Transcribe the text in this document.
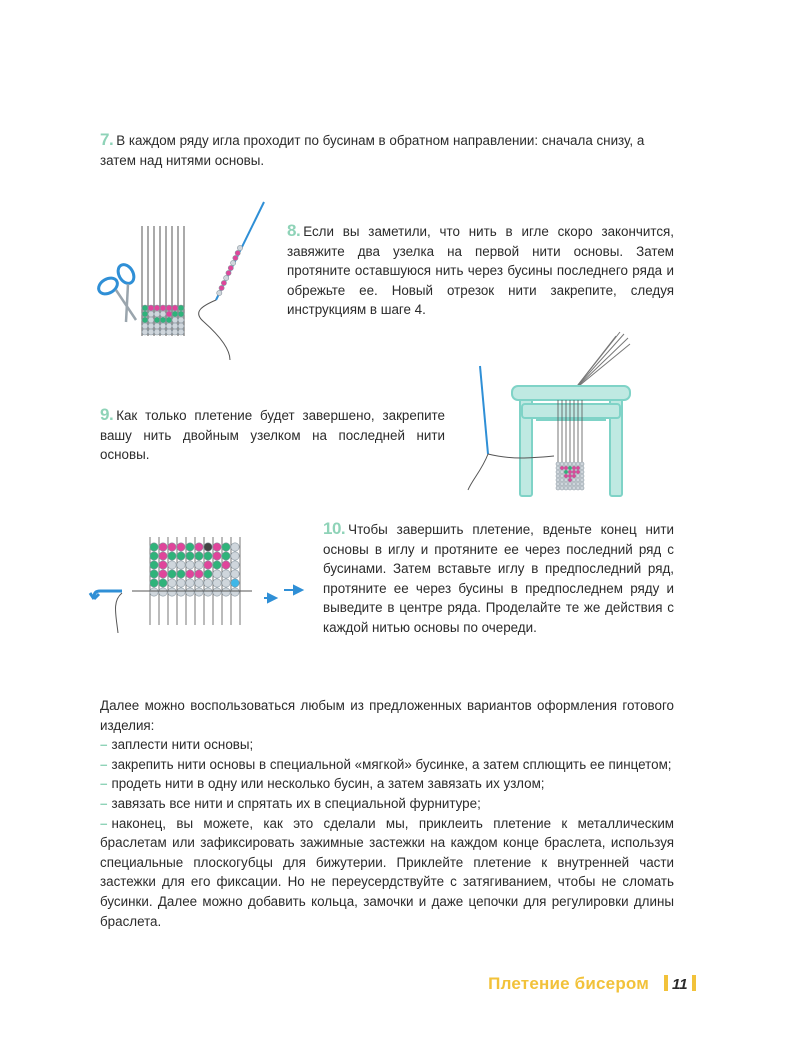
7. В каждом ряду игла проходит по бусинам в обратном направлении: сначала снизу, а затем над нитями основы.
8. Если вы заметили, что нить в игле скоро закончится, завяжите два узелка на первой нити основы. Затем протяните оставшуюся нить через бусины последнего ряда и обрежьте ее. Новый отрезок нити закрепите, следуя инструкциям в шаге 4.
9. Как только плетение будет завершено, закрепите вашу нить двойным узелком на последней нити основы.
10. Чтобы завершить плетение, вденьте конец нити основы в иглу и протяните ее через последний ряд с бусинами. Затем вставьте иглу в предпоследний ряд, протяните ее через бусины в предпоследнем ряду и выведите в центре ряда. Проделайте те же действия с каждой нитью основы по очереди.
Далее можно воспользоваться любым из предложенных вариантов оформления готового изделия:
– заплести нити основы;
– закрепить нити основы в специальной «мягкой» бусинке, а затем сплющить ее пинцетом;
– продеть нити в одну или несколько бусин, а затем завязать их узлом;
– завязать все нити и спрятать их в специальной фурнитуре;
– наконец, вы можете, как это сделали мы, приклеить плетение к металлическим браслетам или зафиксировать зажимные застежки на каждом конце браслета, используя специальные плоскогубцы для бижутерии. Приклейте плетение к внутренней части застежки для его фиксации. Но не переусердствуйте с затягиванием, чтобы не сломать бусинки. Далее можно добавить кольца, замочки и даже цепочки для регулировки длины браслета.
Плетение бисером 11
